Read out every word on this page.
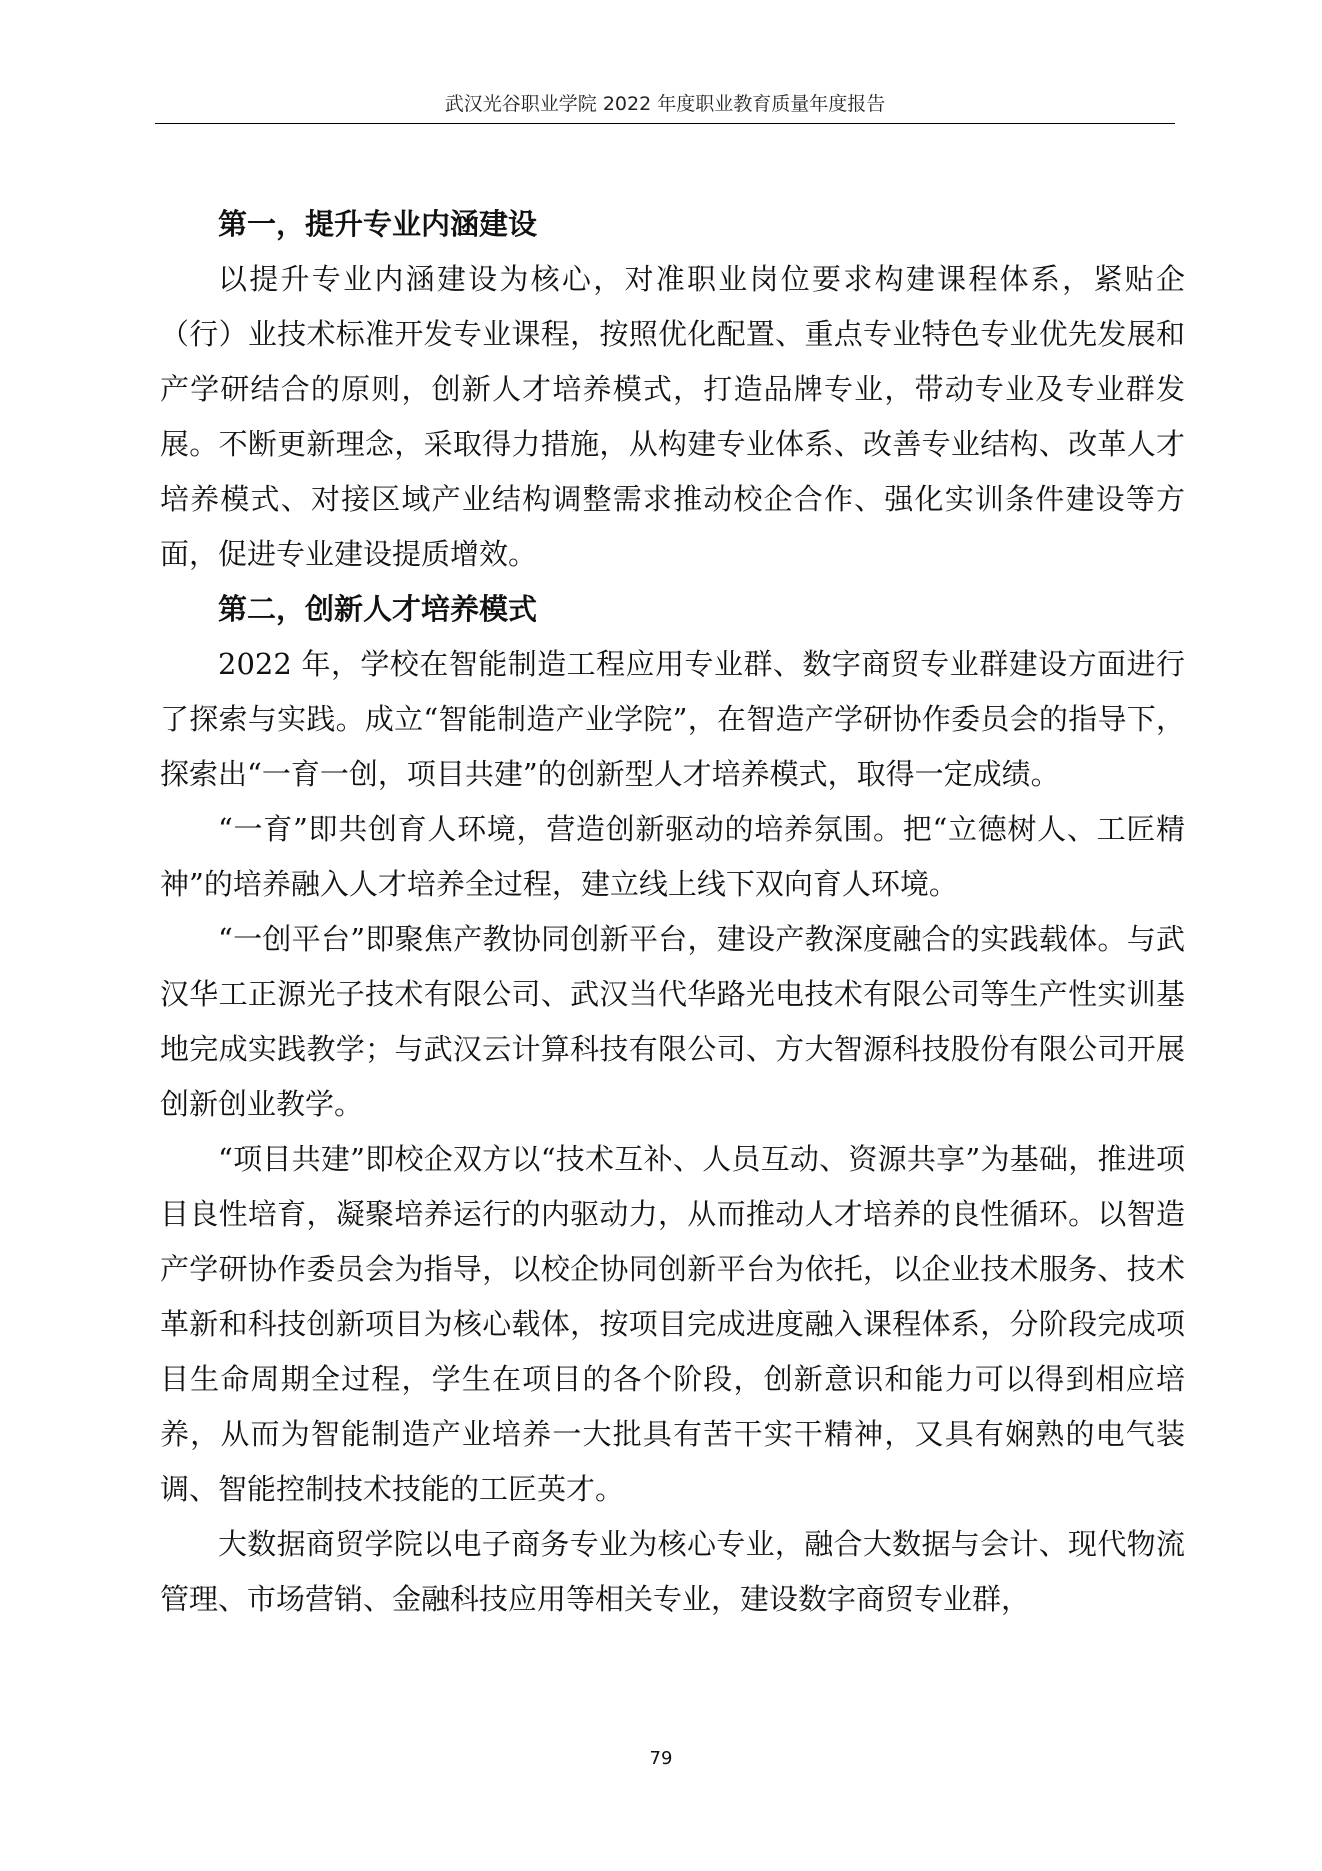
武汉光谷职业学院 2022 年度职业教育质量年度报告
第一，提升专业内涵建设

以提升专业内涵建设为核心，对准职业岗位要求构建课程体系，紧贴企（行）业技术标准开发专业课程，按照优化配置、重点专业特色专业优先发展和产学研结合的原则，创新人才培养模式，打造品牌专业，带动专业及专业群发展。不断更新理念，采取得力措施，从构建专业体系、改善专业结构、改革人才培养模式、对接区域产业结构调整需求推动校企合作、强化实训条件建设等方面，促进专业建设提质增效。

第二，创新人才培养模式

2022 年，学校在智能制造工程应用专业群、数字商贸专业群建设方面进行了探索与实践。成立“智能制造产业学院”，在智造产学研协作委员会的指导下，探索出“一育一创，项目共建”的创新型人才培养模式，取得一定成绩。

“一育”即共创育人环境，营造创新驱动的培养氛围。把“立德树人、工匠精神”的培养融入人才培养全过程，建立线上线下双向育人环境。

“一创平台”即聚焦产教协同创新平台，建设产教深度融合的实践载体。与武汉华工正源光子技术有限公司、武汉当代华路光电技术有限公司等生产性实训基地完成实践教学；与武汉云计算科技有限公司、方大智源科技股份有限公司开展创新创业教学。

“项目共建”即校企双方以“技术互补、人员互动、资源共享”为基础，推进项目良性培育，凝聚培养运行的内驱动力，从而推动人才培养的良性循环。以智造产学研协作委员会为指导，以校企协同创新平台为依托，以企业技术服务、技术革新和科技创新项目为核心载体，按项目完成进度融入课程体系，分阶段完成项目生命周期全过程，学生在项目的各个阶段，创新意识和能力可以得到相应培养，从而为智能制造产业培养一大批具有苦干实干精神，又具有娴熟的电气装调、智能控制技术技能的工匠英才。

大数据商贸学院以电子商务专业为核心专业，融合大数据与会计、现代物流管理、市场营销、金融科技应用等相关专业，建设数字商贸专业群，

79
